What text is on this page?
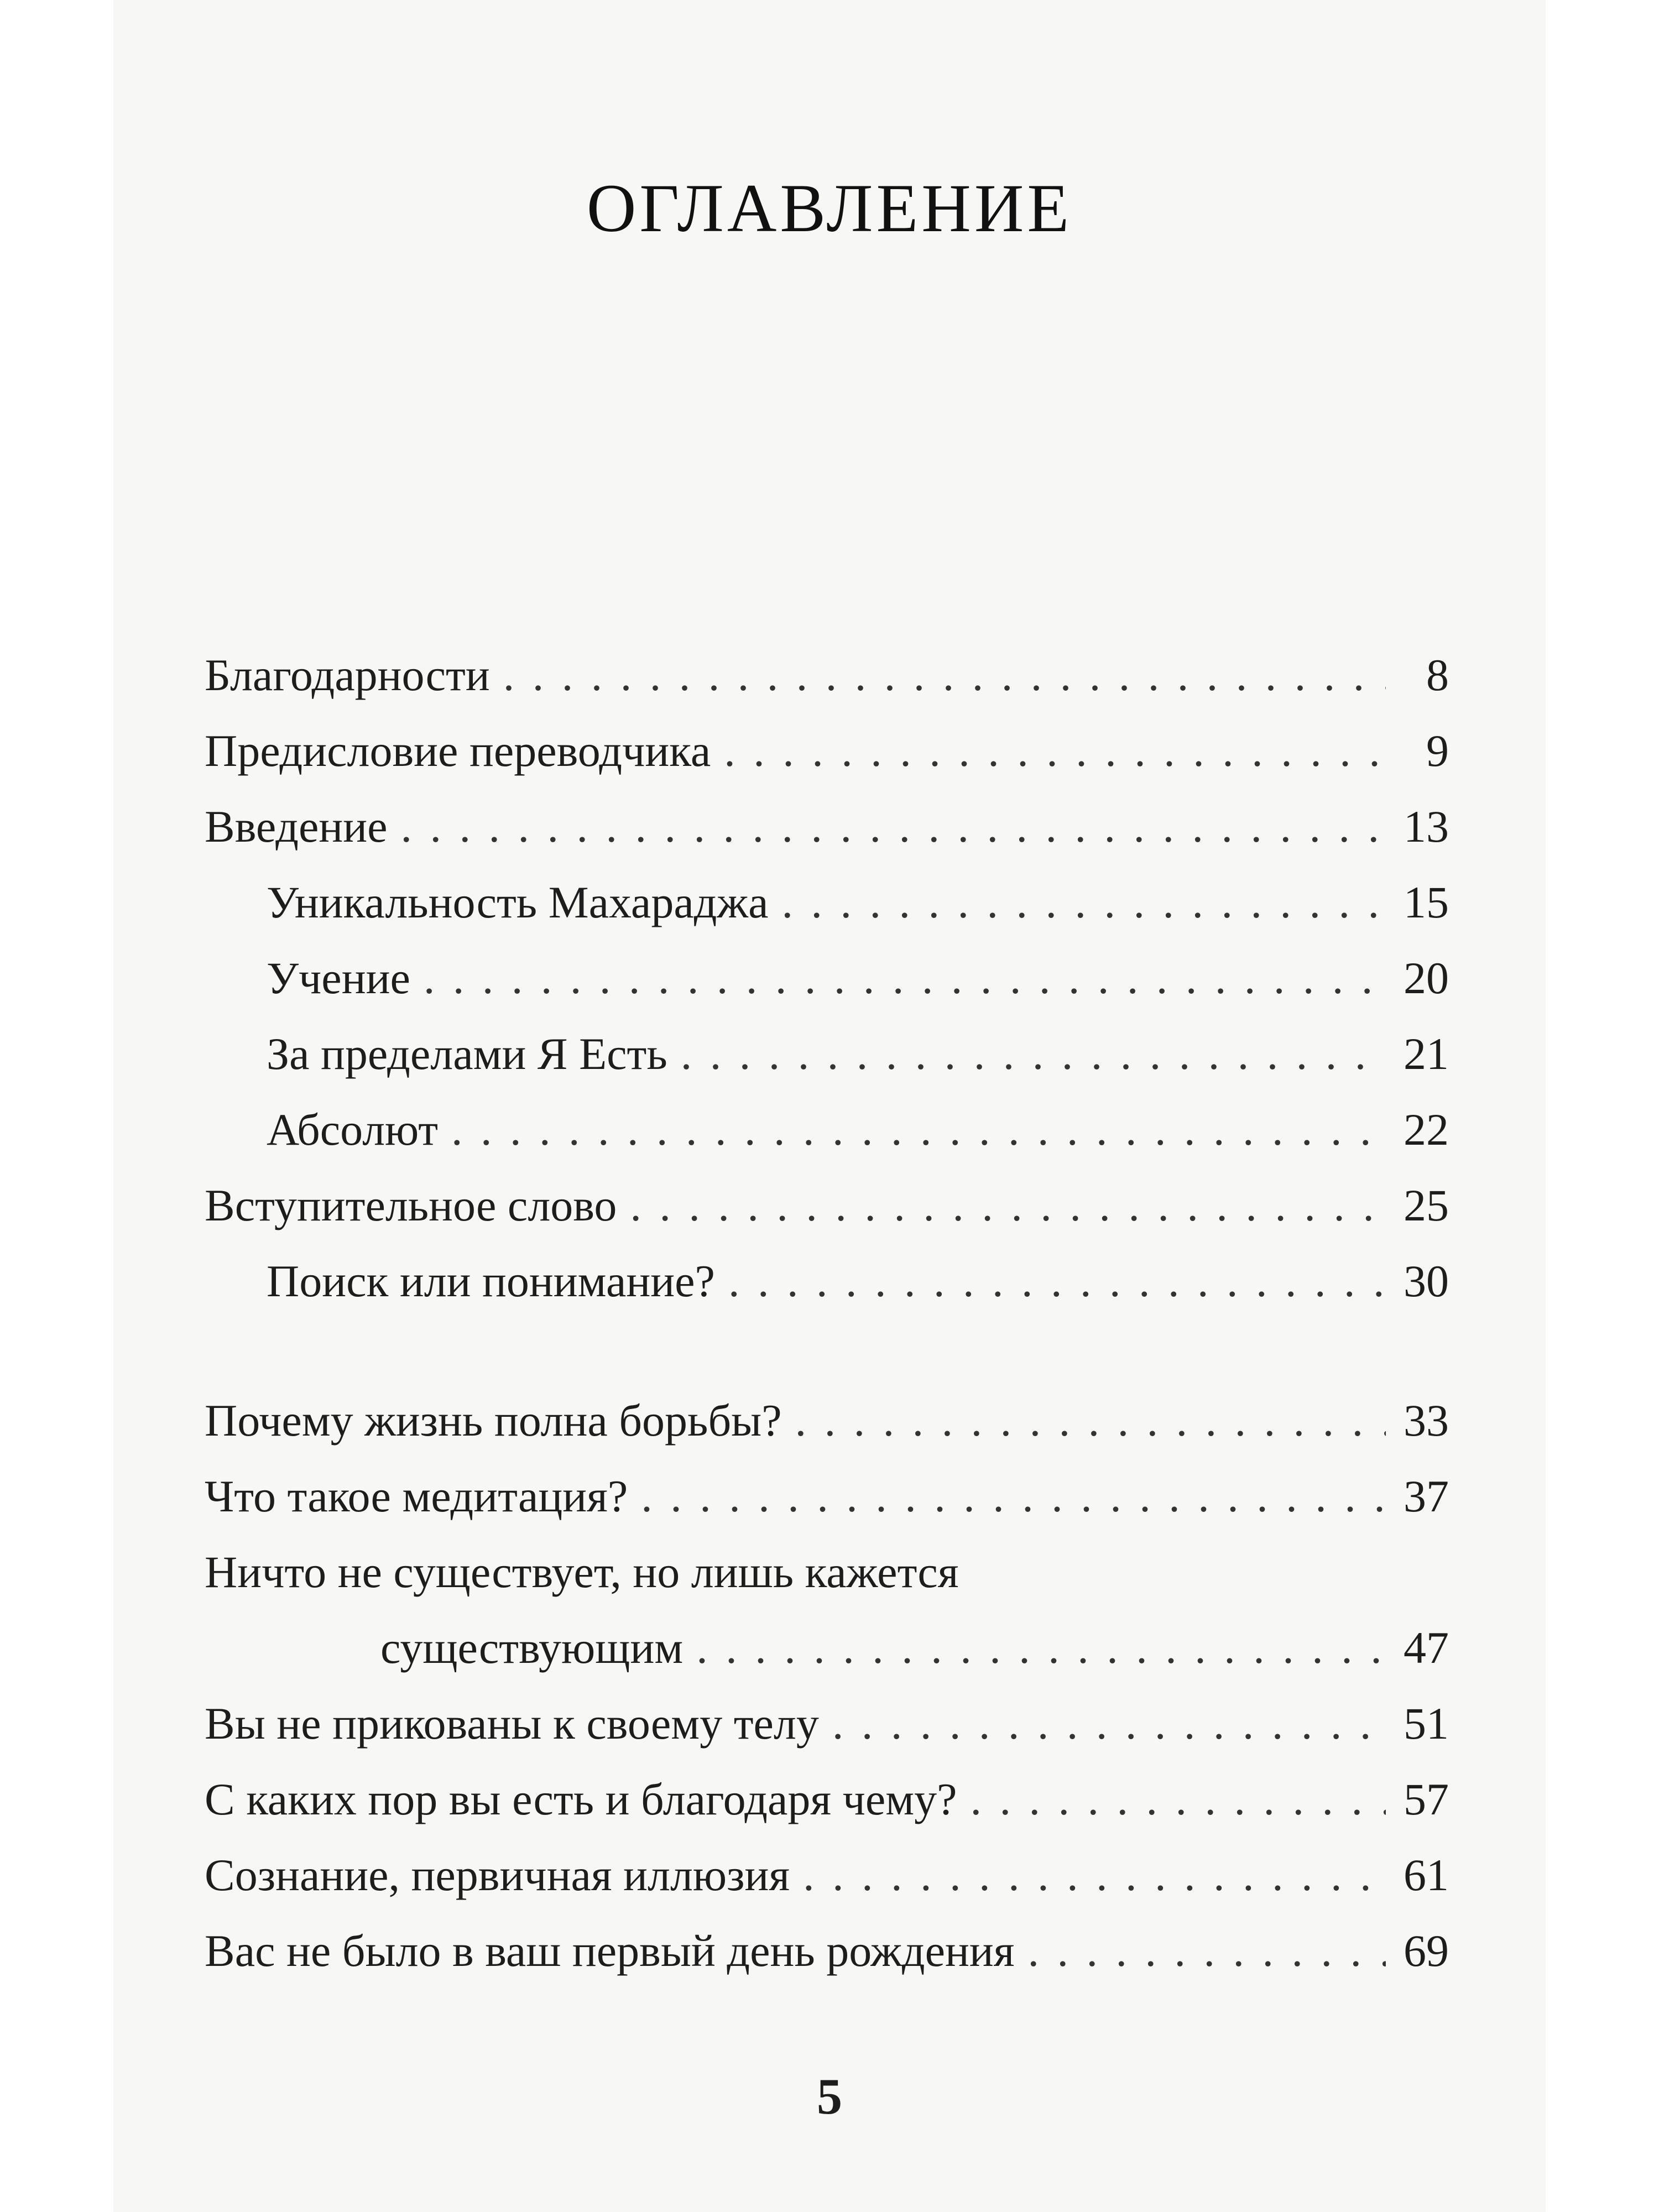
ОГЛАВЛЕНИЕ
Благодарности . . .	8
Предисловие переводчика . . .	9
Введение . . .	13
Уникальность Махараджа . . .	15
Учение . . .	20
За пределами Я Есть . . .	21
Абсолют . . .	22
Вступительное слово . . .	25
Поиск или понимание? . . .	30
Почему жизнь полна борьбы? . . .	33
Что такое медитация? . . .	37
Ничто не существует, но лишь кажется
существующим . . .	47
Вы не прикованы к своему телу . . .	51
С каких пор вы есть и благодаря чему? . . .	57
Сознание, первичная иллюзия . . .	61
Вас не было в ваш первый день рождения . . .	69
5
